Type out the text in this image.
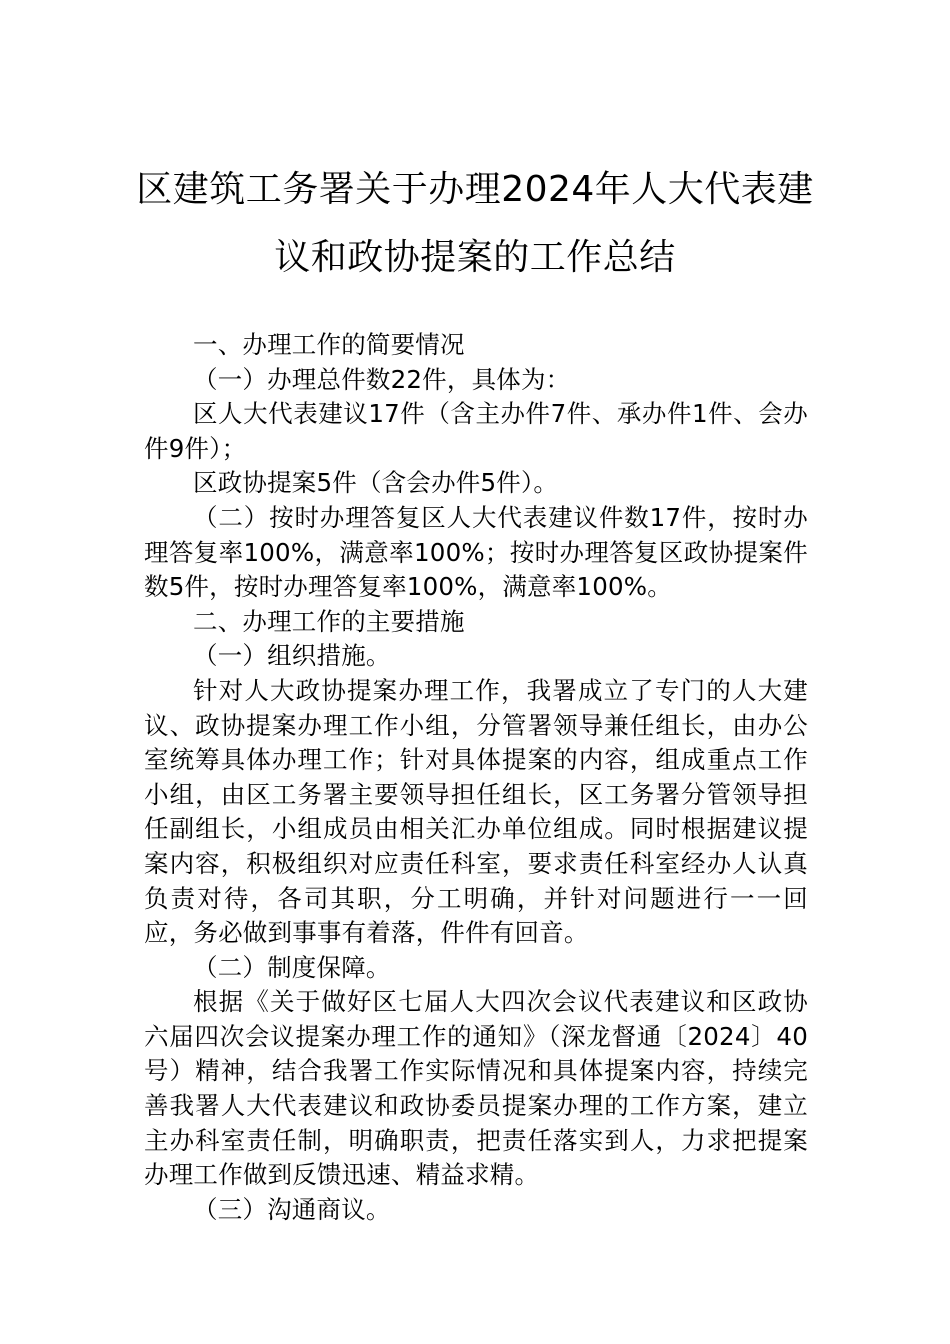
区建筑工务署关于办理2024年人大代表建
议和政协提案的工作总结

一、办理工作的简要情况

（一）办理总件数22件，具体为：

区人大代表建议17件（含主办件7件、承办件1件、会办件9件）；

区政协提案5件（含会办件5件）。

（二）按时办理答复区人大代表建议件数17件，按时办理答复率100%，满意率100%；按时办理答复区政协提案件数5件，按时办理答复率100%，满意率100%。

二、办理工作的主要措施

（一）组织措施。

针对人大政协提案办理工作，我署成立了专门的人大建议、政协提案办理工作小组，分管署领导兼任组长，由办公室统筹具体办理工作；针对具体提案的内容，组成重点工作小组，由区工务署主要领导担任组长，区工务署分管领导担任副组长，小组成员由相关汇办单位组成。同时根据建议提案内容，积极组织对应责任科室，要求责任科室经办人认真负责对待，各司其职，分工明确，并针对问题进行一一回应，务必做到事事有着落，件件有回音。

（二）制度保障。

根据《关于做好区七届人大四次会议代表建议和区政协六届四次会议提案办理工作的通知》（深龙督通〔2024〕40号）精神，结合我署工作实际情况和具体提案内容，持续完善我署人大代表建议和政协委员提案办理的工作方案，建立主办科室责任制，明确职责，把责任落实到人，力求把提案办理工作做到反馈迅速、精益求精。

（三）沟通商议。
